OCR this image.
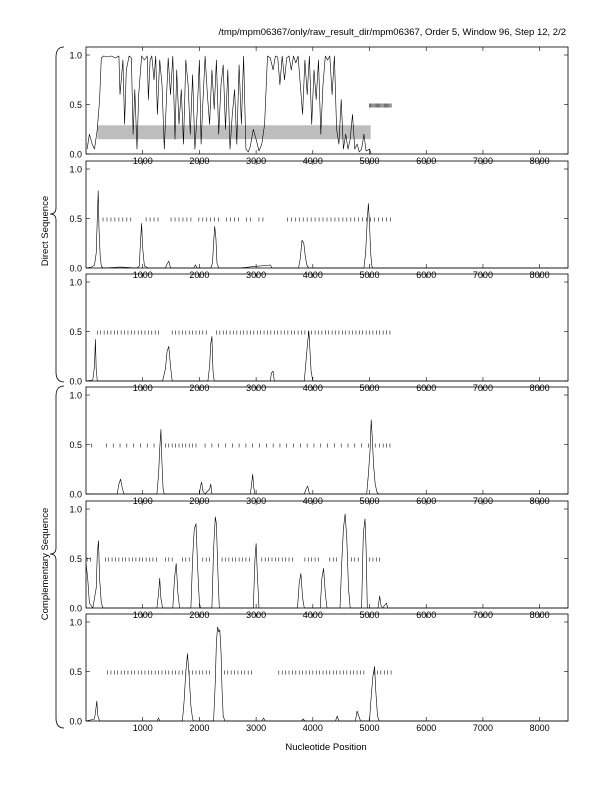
/tmp/mpm06367/only/raw_result_dir/mpm06367, Order 5, Window 96, Step 12, 2/2
Direct Sequence
Complementary Sequence
Nucleotide Position
0.0
0.5
1.0
1000	2000	3000	4000	5000	6000	7000	8000
0.0
0.5
1.0
1000	2000	3000	4000	5000	6000	7000	8000
0.0
0.5
1.0
1000	2000	3000	4000	5000	6000	7000	8000
0.0
0.5
1.0
1000	2000	3000	4000	5000	6000	7000	8000
0.0
0.5
1.0
1000	2000	3000	4000	5000	6000	7000	8000
0.0
0.5
1.0
1000	2000	3000	4000	5000	6000	7000	8000
